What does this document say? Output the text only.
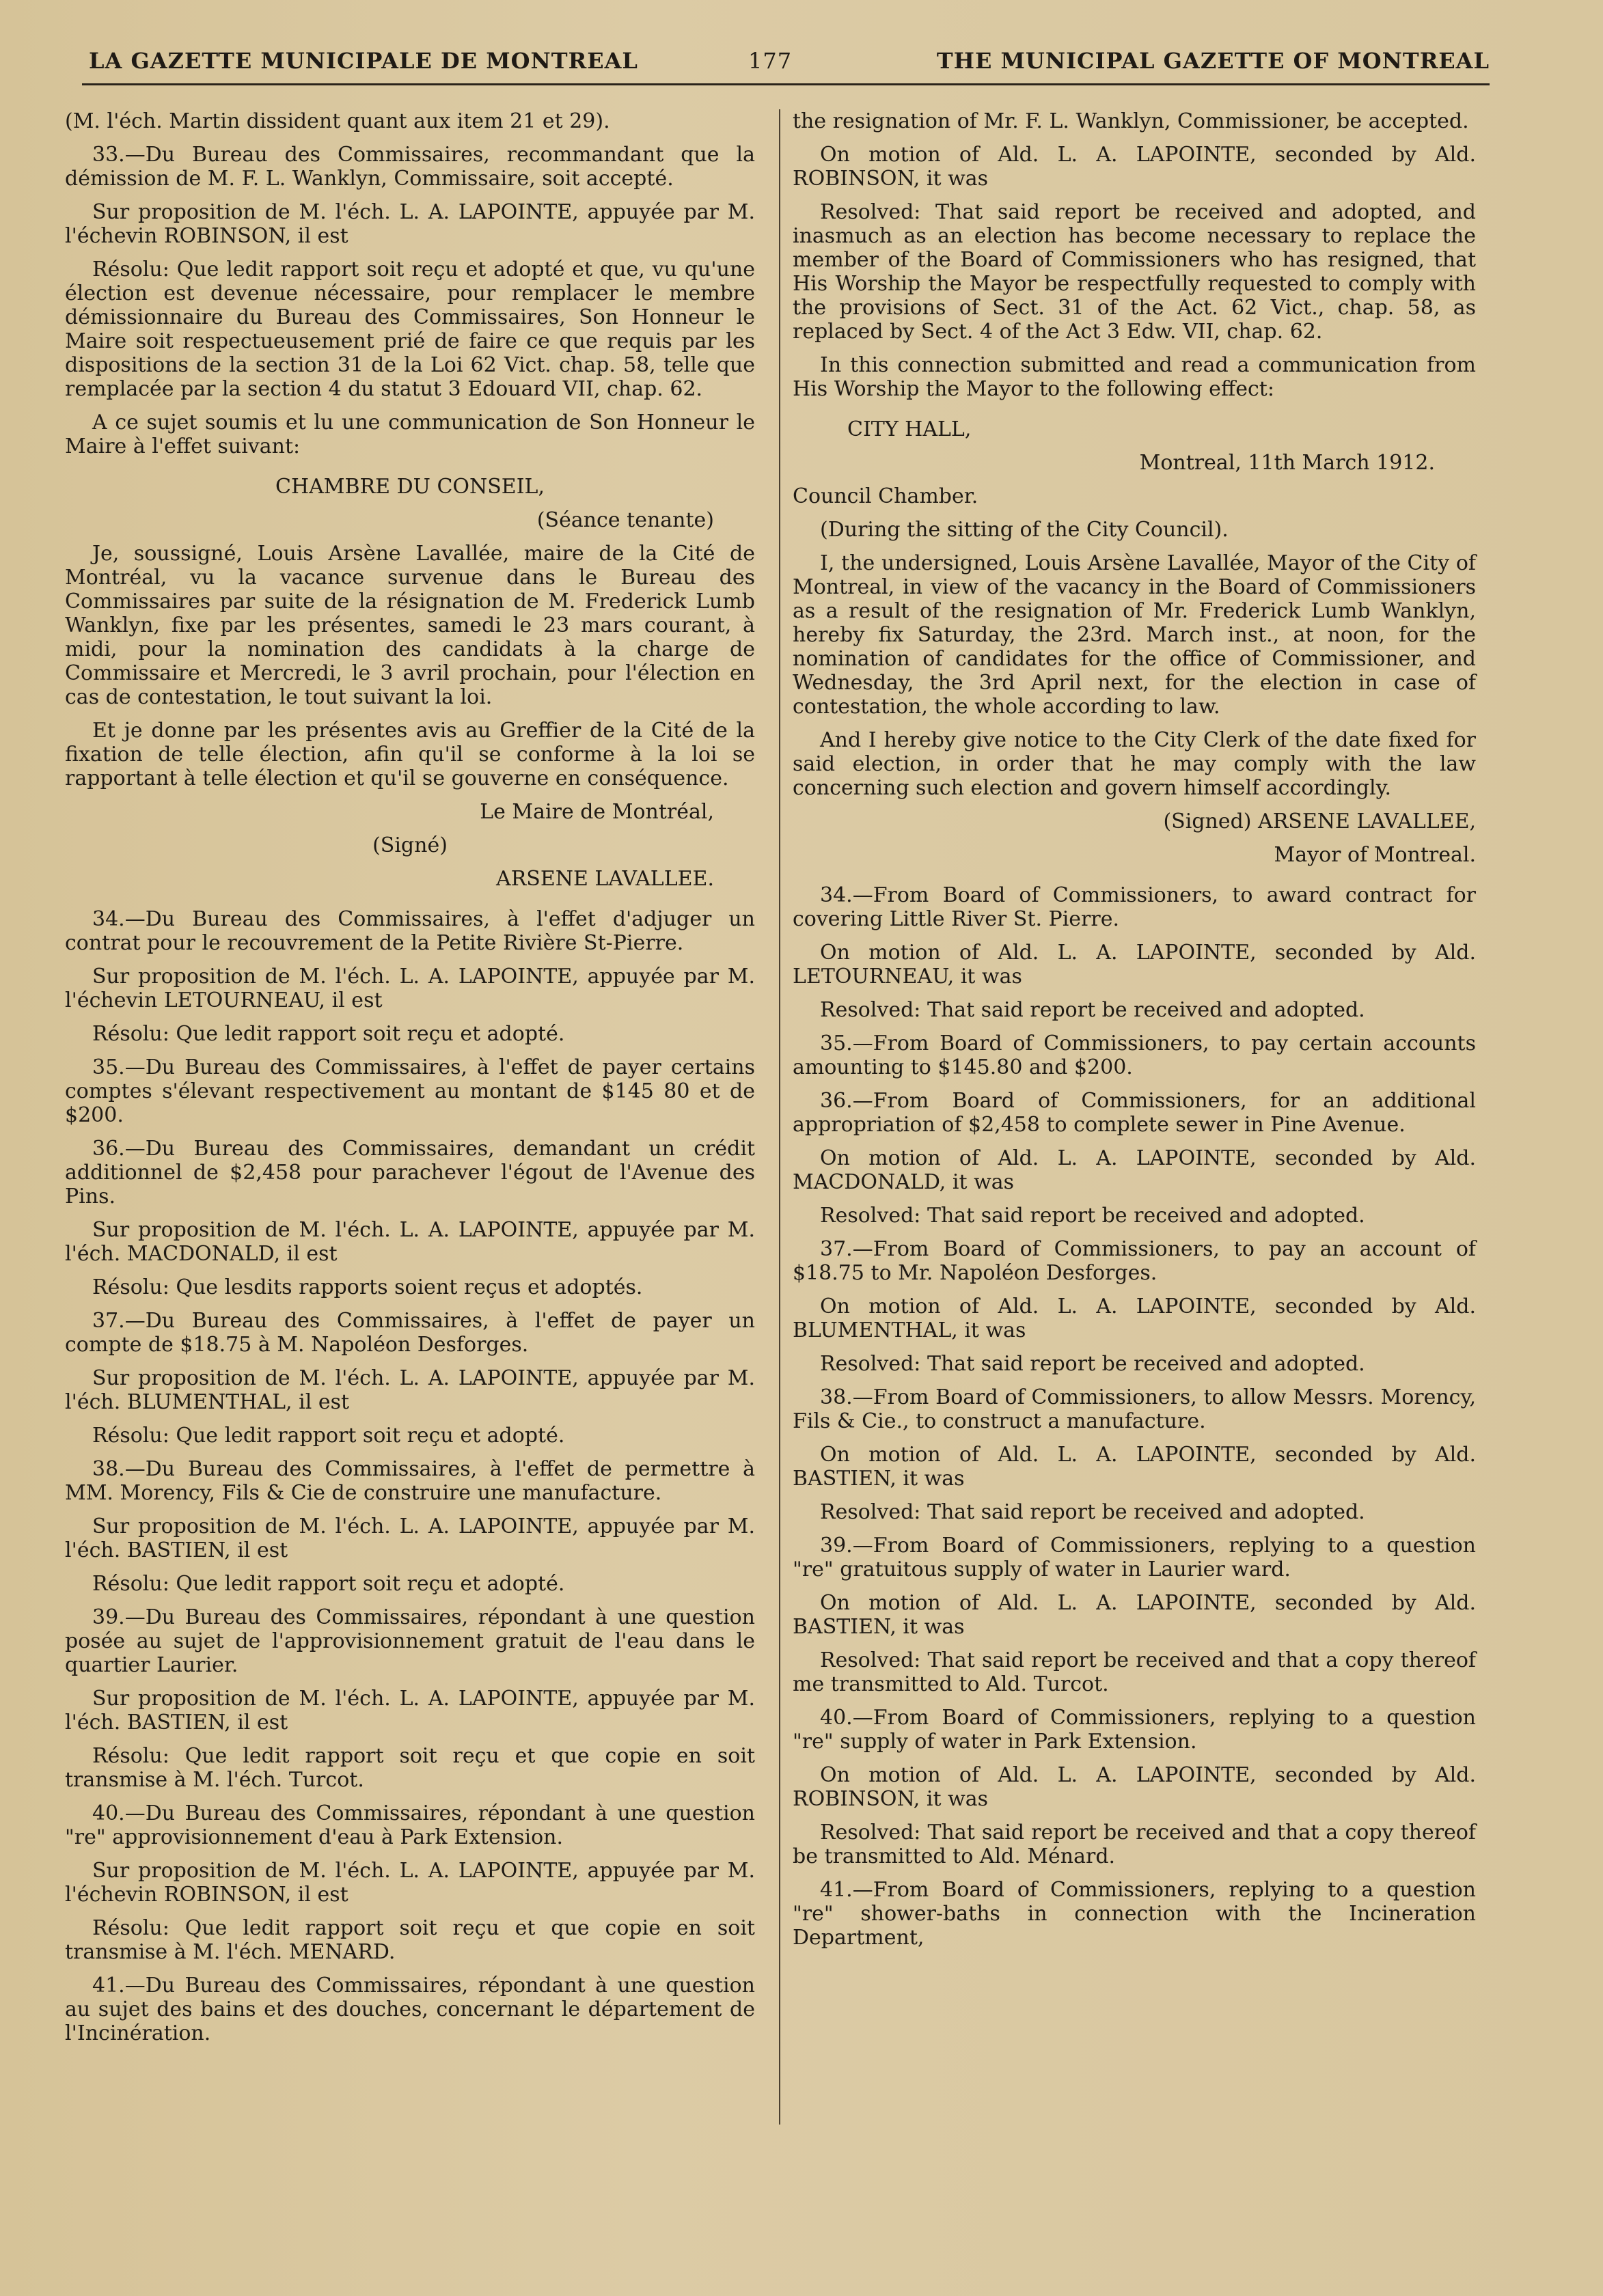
LA GAZETTE MUNICIPALE DE MONTREAL	177	THE MUNICIPAL GAZETTE OF MONTREAL

(M. l'éch. Martin dissident quant aux item 21 et 29).

33.—Du Bureau des Commissaires, recommandant que la démission de M. F. L. Wanklyn, Commissaire, soit accepté.

Sur proposition de M. l'éch. L. A. LAPOINTE, appuyée par M. l'échevin ROBINSON, il est

Résolu: Que ledit rapport soit reçu et adopté et que, vu qu'une élection est devenue nécessaire, pour remplacer le membre démissionnaire du Bureau des Commissaires, Son Honneur le Maire soit respectueusement prié de faire ce que requis par les dispositions de la section 31 de la Loi 62 Vict. chap. 58, telle que remplacée par la section 4 du statut 3 Edouard VII, chap. 62.

A ce sujet soumis et lu une communication de Son Honneur le Maire à l'effet suivant:

CHAMBRE DU CONSEIL,

(Séance tenante)

Je, soussigné, Louis Arsène Lavallée, maire de la Cité de Montréal, vu la vacance survenue dans le Bureau des Commissaires par suite de la résignation de M. Frederick Lumb Wanklyn, fixe par les présentes, samedi le 23 mars courant, à midi, pour la nomination des candidats à la charge de Commissaire et Mercredi, le 3 avril prochain, pour l'élection en cas de contestation, le tout suivant la loi.

Et je donne par les présentes avis au Greffier de la Cité de la fixation de telle élection, afin qu'il se conforme à la loi se rapportant à telle élection et qu'il se gouverne en conséquence.

Le Maire de Montréal,

(Signé)

ARSENE LAVALLEE.

34.—Du Bureau des Commissaires, à l'effet d'adjuger un contrat pour le recouvrement de la Petite Rivière St-Pierre.

Sur proposition de M. l'éch. L. A. LAPOINTE, appuyée par M. l'échevin LETOURNEAU, il est

Résolu: Que ledit rapport soit reçu et adopté.

35.—Du Bureau des Commissaires, à l'effet de payer certains comptes s'élevant respectivement au montant de $145 80 et de $200.

36.—Du Bureau des Commissaires, demandant un crédit additionnel de $2,458 pour parachever l'égout de l'Avenue des Pins.

Sur proposition de M. l'éch. L. A. LAPOINTE, appuyée par M. l'éch. MACDONALD, il est

Résolu: Que lesdits rapports soient reçus et adoptés.

37.—Du Bureau des Commissaires, à l'effet de payer un compte de $18.75 à M. Napoléon Desforges.

Sur proposition de M. l'éch. L. A. LAPOINTE, appuyée par M. l'éch. BLUMENTHAL, il est

Résolu: Que ledit rapport soit reçu et adopté.

38.—Du Bureau des Commissaires, à l'effet de permettre à MM. Morency, Fils & Cie de construire une manufacture.

Sur proposition de M. l'éch. L. A. LAPOINTE, appuyée par M. l'éch. BASTIEN, il est

Résolu: Que ledit rapport soit reçu et adopté.

39.—Du Bureau des Commissaires, répondant à une question posée au sujet de l'approvisionnement gratuit de l'eau dans le quartier Laurier.

Sur proposition de M. l'éch. L. A. LAPOINTE, appuyée par M. l'éch. BASTIEN, il est

Résolu: Que ledit rapport soit reçu et que copie en soit transmise à M. l'éch. Turcot.

40.—Du Bureau des Commissaires, répondant à une question "re" approvisionnement d'eau à Park Extension.

Sur proposition de M. l'éch. L. A. LAPOINTE, appuyée par M. l'échevin ROBINSON, il est

Résolu: Que ledit rapport soit reçu et que copie en soit transmise à M. l'éch. MENARD.

41.—Du Bureau des Commissaires, répondant à une question au sujet des bains et des douches, concernant le département de l'Incinération.

the resignation of Mr. F. L. Wanklyn, Commissioner, be accepted.

On motion of Ald. L. A. LAPOINTE, seconded by Ald. ROBINSON, it was

Resolved: That said report be received and adopted, and inasmuch as an election has become necessary to replace the member of the Board of Commissioners who has resigned, that His Worship the Mayor be respectfully requested to comply with the provisions of Sect. 31 of the Act. 62 Vict., chap. 58, as replaced by Sect. 4 of the Act 3 Edw. VII, chap. 62.

In this connection submitted and read a communication from His Worship the Mayor to the following effect:

CITY HALL,

Montreal, 11th March 1912.

Council Chamber.

(During the sitting of the City Council).

I, the undersigned, Louis Arsène Lavallée, Mayor of the City of Montreal, in view of the vacancy in the Board of Commissioners as a result of the resignation of Mr. Frederick Lumb Wanklyn, hereby fix Saturday, the 23rd. March inst., at noon, for the nomination of candidates for the office of Commissioner, and Wednesday, the 3rd April next, for the election in case of contestation, the whole according to law.

And I hereby give notice to the City Clerk of the date fixed for said election, in order that he may comply with the law concerning such election and govern himself accordingly.

(Signed) ARSENE LAVALLEE,

Mayor of Montreal.

34.—From Board of Commissioners, to award contract for covering Little River St. Pierre.

On motion of Ald. L. A. LAPOINTE, seconded by Ald. LETOURNEAU, it was

Resolved: That said report be received and adopted.

35.—From Board of Commissioners, to pay certain accounts amounting to $145.80 and $200.

36.—From Board of Commissioners, for an additional appropriation of $2,458 to complete sewer in Pine Avenue.

On motion of Ald. L. A. LAPOINTE, seconded by Ald. MACDONALD, it was

Resolved: That said report be received and adopted.

37.—From Board of Commissioners, to pay an account of $18.75 to Mr. Napoléon Desforges.

On motion of Ald. L. A. LAPOINTE, seconded by Ald. BLUMENTHAL, it was

Resolved: That said report be received and adopted.

38.—From Board of Commissioners, to allow Messrs. Morency, Fils & Cie., to construct a manufacture.

On motion of Ald. L. A. LAPOINTE, seconded by Ald. BASTIEN, it was

Resolved: That said report be received and adopted.

39.—From Board of Commissioners, replying to a question "re" gratuitous supply of water in Laurier ward.

On motion of Ald. L. A. LAPOINTE, seconded by Ald. BASTIEN, it was

Resolved: That said report be received and that a copy thereof me transmitted to Ald. Turcot.

40.—From Board of Commissioners, replying to a question "re" supply of water in Park Extension.

On motion of Ald. L. A. LAPOINTE, seconded by Ald. ROBINSON, it was

Resolved: That said report be received and that a copy thereof be transmitted to Ald. Ménard.

41.—From Board of Commissioners, replying to a question "re" shower-baths in connection with the Incineration Department,
